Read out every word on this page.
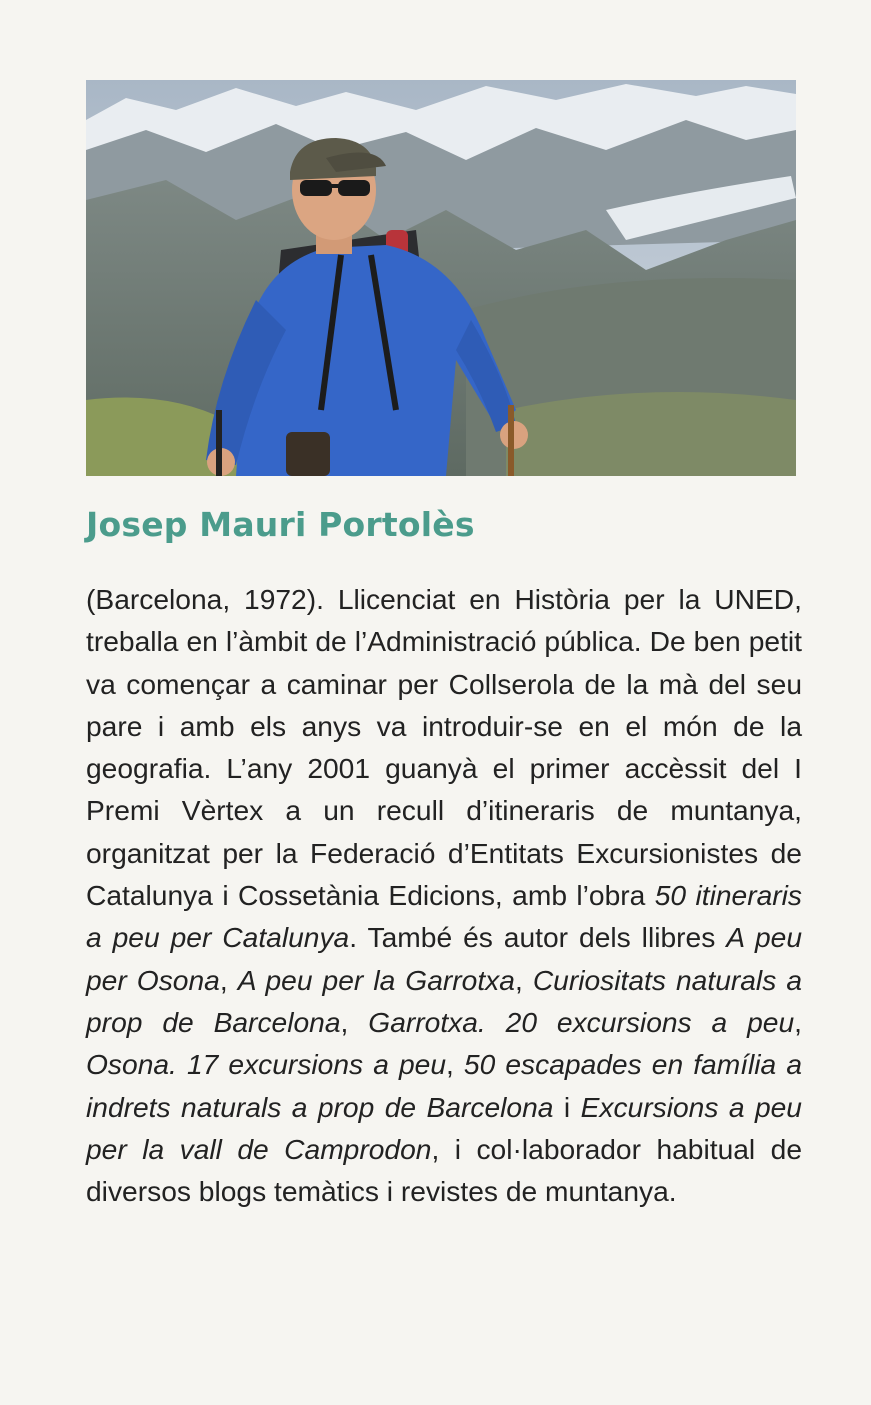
Josep Mauri Portolès

(Barcelona, 1972). Llicenciat en Història per la UNED, treballa en l’àmbit de l’Administració pública. De ben petit va començar a caminar per Collserola de la mà del seu pare i amb els anys va introduir-se en el món de la geografia. L’any 2001 guanyà el primer accèssit del I Premi Vèrtex a un recull d’itineraris de muntanya, organitzat per la Federació d’Entitats Excursionistes de Catalunya i Cossetània Edicions, amb l’obra 50 itineraris a peu per Catalunya. També és autor dels llibres A peu per Osona, A peu per la Garrotxa, Curiositats naturals a prop de Barcelona, Garrotxa. 20 excursions a peu, Osona. 17 excursions a peu, 50 escapades en família a indrets naturals a prop de Barcelona i Excursions a peu per la vall de Camprodon, i col·laborador habitual de diversos blogs temàtics i revistes de muntanya.
